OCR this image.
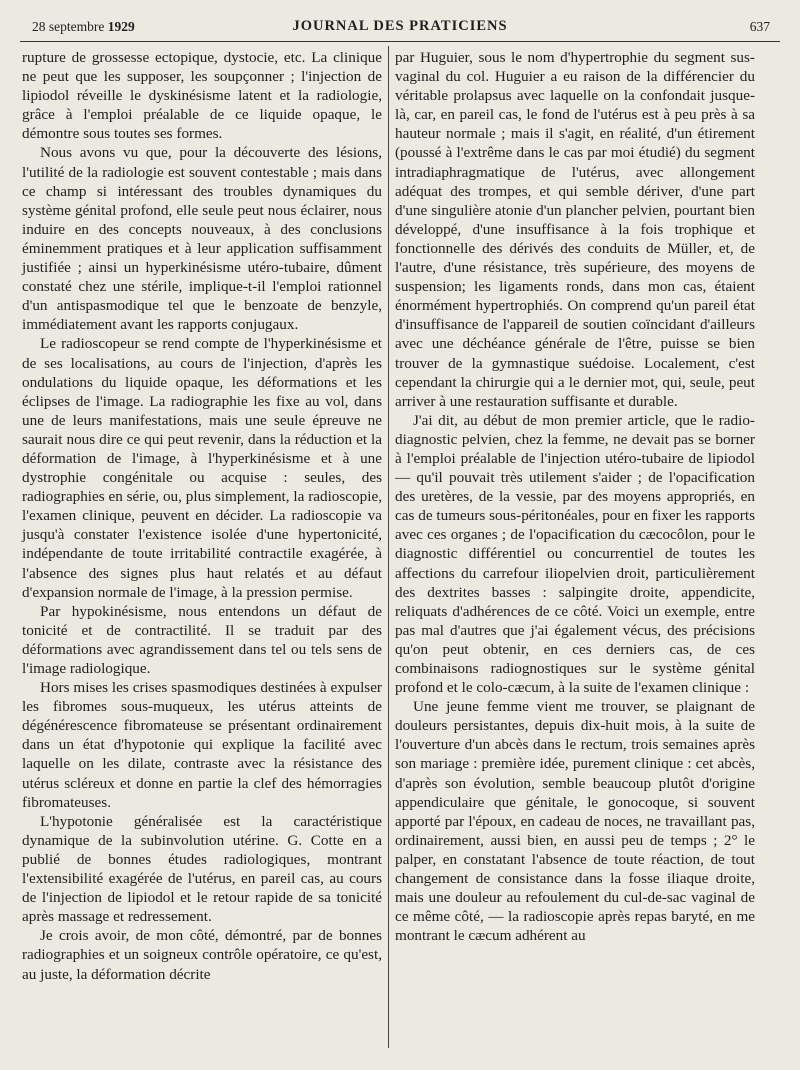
28 septembre 1929	JOURNAL DES PRATICIENS	637

rupture de grossesse ectopique, dystocie, etc. La clinique ne peut que les supposer, les soupçonner ; l'injection de lipiodol réveille le dyskinésisme latent et la radiologie, grâce à l'emploi préalable de ce liquide opaque, le démontre sous toutes ses formes.

Nous avons vu que, pour la découverte des lésions, l'utilité de la radiologie est souvent contestable ; mais dans ce champ si intéressant des troubles dynamiques du système génital profond, elle seule peut nous éclairer, nous induire en des concepts nouveaux, à des conclusions éminemment pratiques et à leur application suffisamment justifiée ; ainsi un hyperkinésisme utéro-tubaire, dûment constaté chez une stérile, implique-t-il l'emploi rationnel d'un antispasmodique tel que le benzoate de benzyle, immédiatement avant les rapports conjugaux.

Le radioscopeur se rend compte de l'hyperkinésisme et de ses localisations, au cours de l'injection, d'après les ondulations du liquide opaque, les déformations et les éclipses de l'image. La radiographie les fixe au vol, dans une de leurs manifestations, mais une seule épreuve ne saurait nous dire ce qui peut revenir, dans la réduction et la déformation de l'image, à l'hyperkinésisme et à une dystrophie congénitale ou acquise : seules, des radiographies en série, ou, plus simplement, la radioscopie, l'examen clinique, peuvent en décider. La radioscopie va jusqu'à constater l'existence isolée d'une hypertonicité, indépendante de toute irritabilité contractile exagérée, à l'absence des signes plus haut relatés et au défaut d'expansion normale de l'image, à la pression permise.

Par hypokinésisme, nous entendons un défaut de tonicité et de contractilité. Il se traduit par des déformations avec agrandissement dans tel ou tels sens de l'image radiologique.

Hors mises les crises spasmodiques destinées à expulser les fibromes sous-muqueux, les utérus atteints de dégénérescence fibromateuse se présentant ordinairement dans un état d'hypotonie qui explique la facilité avec laquelle on les dilate, contraste avec la résistance des utérus scléreux et donne en partie la clef des hémorragies fibromateuses.

L'hypotonie généralisée est la caractéristique dynamique de la subinvolution utérine. G. Cotte en a publié de bonnes études radiologiques, montrant l'extensibilité exagérée de l'utérus, en pareil cas, au cours de l'injection de lipiodol et le retour rapide de sa tonicité après massage et redressement.

Je crois avoir, de mon côté, démontré, par de bonnes radiographies et un soigneux contrôle opératoire, ce qu'est, au juste, la déformation décrite

par Huguier, sous le nom d'hypertrophie du segment sus-vaginal du col. Huguier a eu raison de la différencier du véritable prolapsus avec laquelle on la confondait jusque-là, car, en pareil cas, le fond de l'utérus est à peu près à sa hauteur normale ; mais il s'agit, en réalité, d'un étirement (poussé à l'extrême dans le cas par moi étudié) du segment intradiaphragmatique de l'utérus, avec allongement adéquat des trompes, et qui semble dériver, d'une part d'une singulière atonie d'un plancher pelvien, pourtant bien développé, d'une insuffisance à la fois trophique et fonctionnelle des dérivés des conduits de Müller, et, de l'autre, d'une résistance, très supérieure, des moyens de suspension; les ligaments ronds, dans mon cas, étaient énormément hypertrophiés. On comprend qu'un pareil état d'insuffisance de l'appareil de soutien coïncidant d'ailleurs avec une déchéance générale de l'être, puisse se bien trouver de la gymnastique suédoise. Localement, c'est cependant la chirurgie qui a le dernier mot, qui, seule, peut arriver à une restauration suffisante et durable.

J'ai dit, au début de mon premier article, que le radio-diagnostic pelvien, chez la femme, ne devait pas se borner à l'emploi préalable de l'injection utéro-tubaire de lipiodol — qu'il pouvait très utilement s'aider ; de l'opacification des uretères, de la vessie, par des moyens appropriés, en cas de tumeurs sous-péritonéales, pour en fixer les rapports avec ces organes ; de l'opacification du cæcocôlon, pour le diagnostic différentiel ou concurrentiel de toutes les affections du carrefour iliopelvien droit, particulièrement des dextrites basses : salpingite droite, appendicite, reliquats d'adhérences de ce côté. Voici un exemple, entre pas mal d'autres que j'ai également vécus, des précisions qu'on peut obtenir, en ces derniers cas, de ces combinaisons radiognostiques sur le système génital profond et le colo-cæcum, à la suite de l'examen clinique :

Une jeune femme vient me trouver, se plaignant de douleurs persistantes, depuis dix-huit mois, à la suite de l'ouverture d'un abcès dans le rectum, trois semaines après son mariage : première idée, purement clinique : cet abcès, d'après son évolution, semble beaucoup plutôt d'origine appendiculaire que génitale, le gonocoque, si souvent apporté par l'époux, en cadeau de noces, ne travaillant pas, ordinairement, aussi bien, en aussi peu de temps ; 2° le palper, en constatant l'absence de toute réaction, de tout changement de consistance dans la fosse iliaque droite, mais une douleur au refoulement du cul-de-sac vaginal de ce même côté, — la radioscopie après repas baryté, en me montrant le cæcum adhérent au
